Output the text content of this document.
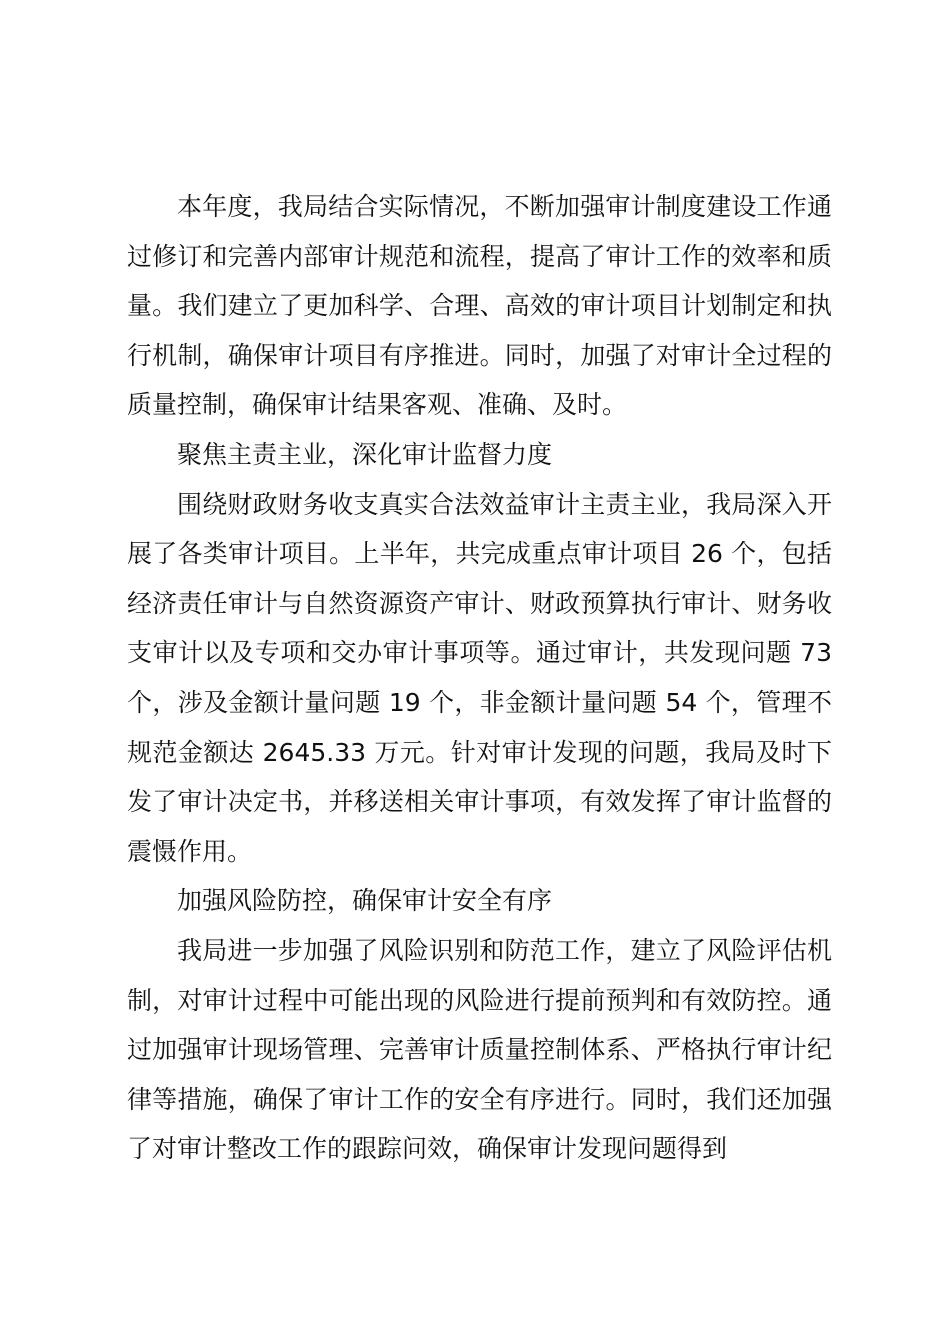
本年度，我局结合实际情况，不断加强审计制度建设工作通过修订和完善内部审计规范和流程，提高了审计工作的效率和质量。我们建立了更加科学、合理、高效的审计项目计划制定和执行机制，确保审计项目有序推进。同时，加强了对审计全过程的质量控制，确保审计结果客观、准确、及时。

聚焦主责主业，深化审计监督力度

围绕财政财务收支真实合法效益审计主责主业，我局深入开展了各类审计项目。上半年，共完成重点审计项目 26 个，包括经济责任审计与自然资源资产审计、财政预算执行审计、财务收支审计以及专项和交办审计事项等。通过审计，共发现问题 73 个，涉及金额计量问题 19 个，非金额计量问题 54 个，管理不规范金额达 2645.33 万元。针对审计发现的问题，我局及时下发了审计决定书，并移送相关审计事项，有效发挥了审计监督的震慑作用。

加强风险防控，确保审计安全有序

我局进一步加强了风险识别和防范工作，建立了风险评估机制，对审计过程中可能出现的风险进行提前预判和有效防控。通过加强审计现场管理、完善审计质量控制体系、严格执行审计纪律等措施，确保了审计工作的安全有序进行。同时，我们还加强了对审计整改工作的跟踪问效，确保审计发现问题得到
